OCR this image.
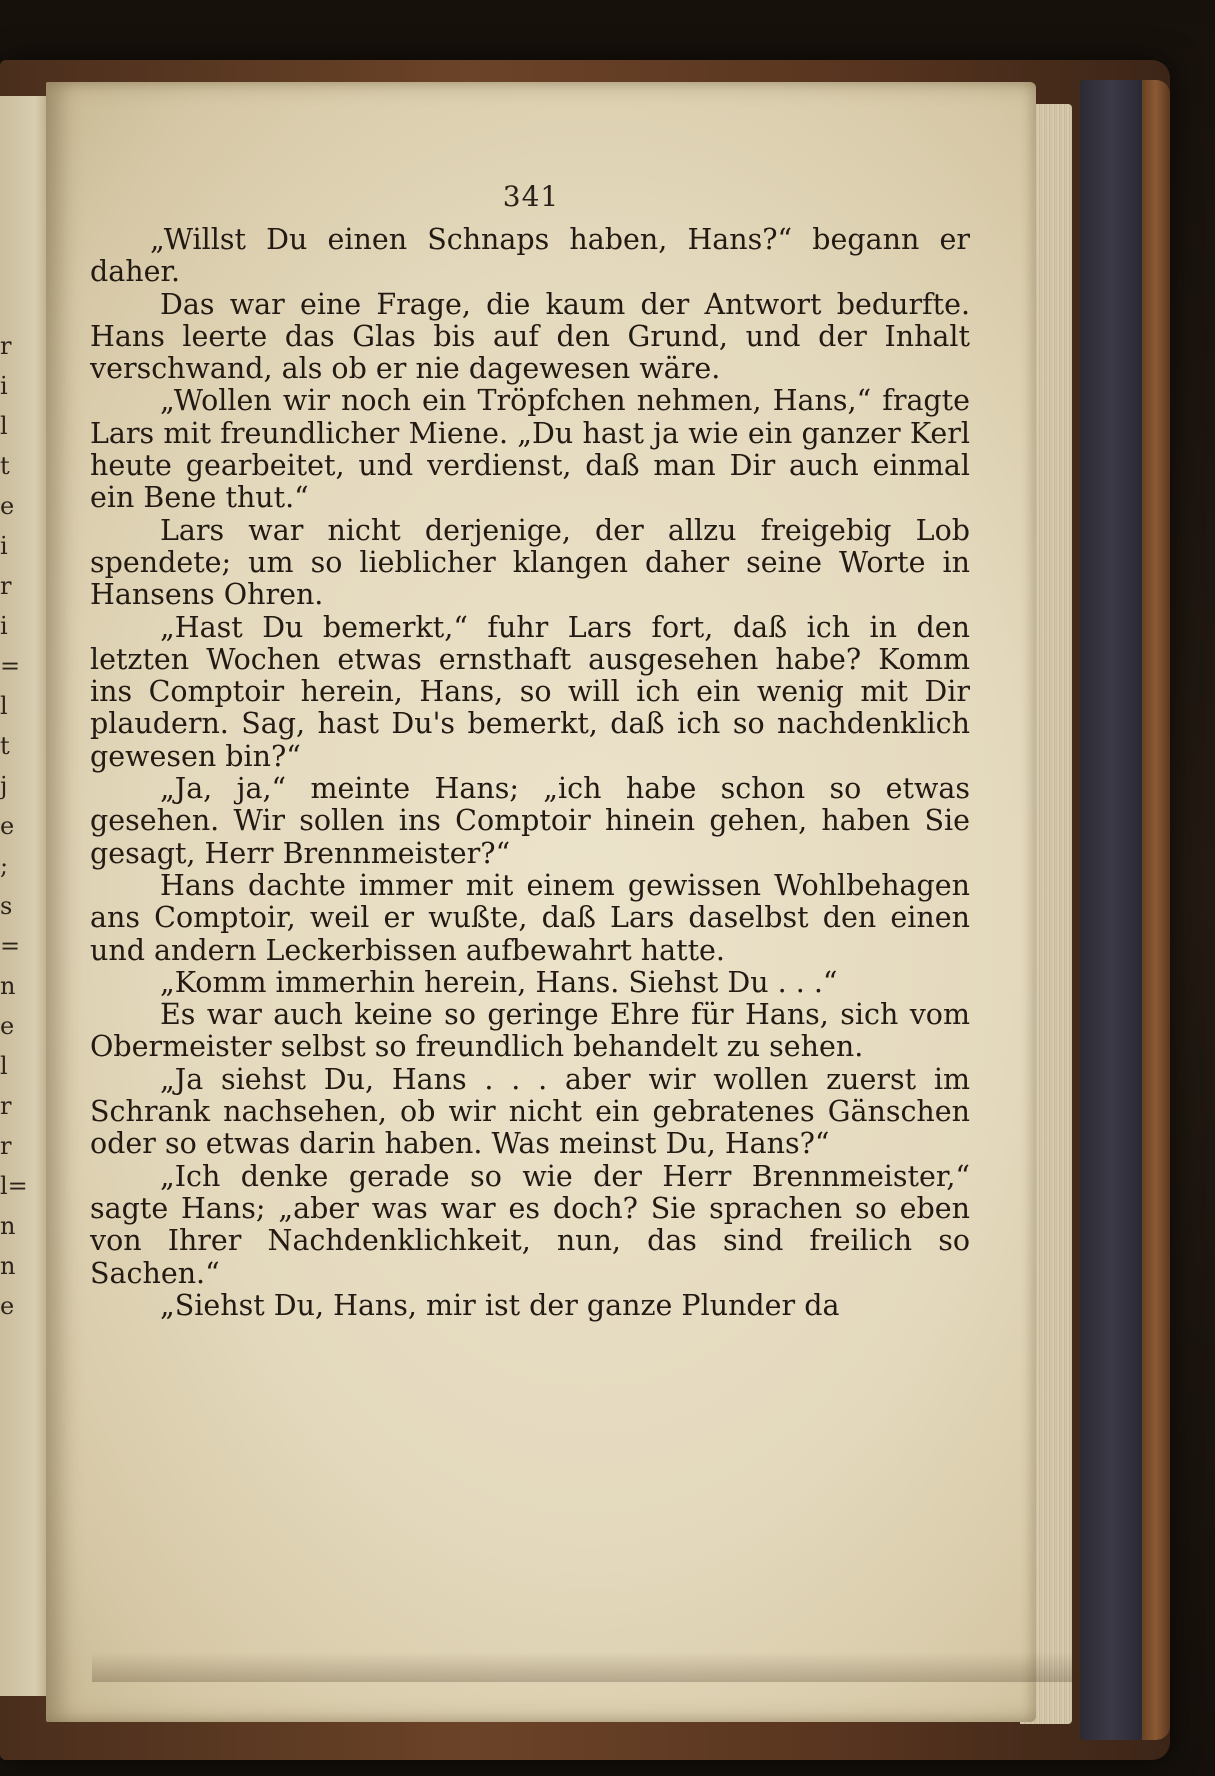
r
i
l
t
e
i
r
i
=
l
t
j
e
;
s
=
n
e
l
r
r
l=
n
n
e
341

„Willst Du einen Schnaps haben, Hans?“ begann er daher.

Das war eine Frage, die kaum der Antwort bedurfte. Hans leerte das Glas bis auf den Grund, und der Inhalt verschwand, als ob er nie dagewesen wäre.

„Wollen wir noch ein Tröpfchen nehmen, Hans,“ fragte Lars mit freundlicher Miene. „Du hast ja wie ein ganzer Kerl heute gearbeitet, und verdienst, daß man Dir auch einmal ein Bene thut.“

Lars war nicht derjenige, der allzu freigebig Lob spendete; um so lieblicher klangen daher seine Worte in Hansens Ohren.

„Hast Du bemerkt,“ fuhr Lars fort, daß ich in den letzten Wochen etwas ernsthaft ausgesehen habe? Komm ins Comptoir herein, Hans, so will ich ein wenig mit Dir plaudern. Sag, hast Du's bemerkt, daß ich so nachdenklich gewesen bin?“

„Ja, ja,“ meinte Hans; „ich habe schon so etwas gesehen. Wir sollen ins Comptoir hinein gehen, haben Sie gesagt, Herr Brennmeister?“

Hans dachte immer mit einem gewissen Wohlbehagen ans Comptoir, weil er wußte, daß Lars daselbst den einen und andern Leckerbissen aufbewahrt hatte.

„Komm immerhin herein, Hans. Siehst Du . . .“

Es war auch keine so geringe Ehre für Hans, sich vom Obermeister selbst so freundlich behandelt zu sehen.

„Ja siehst Du, Hans . . . aber wir wollen zuerst im Schrank nachsehen, ob wir nicht ein gebratenes Gänschen oder so etwas darin haben. Was meinst Du, Hans?“

„Ich denke gerade so wie der Herr Brennmeister,“ sagte Hans; „aber was war es doch? Sie sprachen so eben von Ihrer Nachdenklichkeit, nun, das sind freilich so Sachen.“

„Siehst Du, Hans, mir ist der ganze Plunder da
